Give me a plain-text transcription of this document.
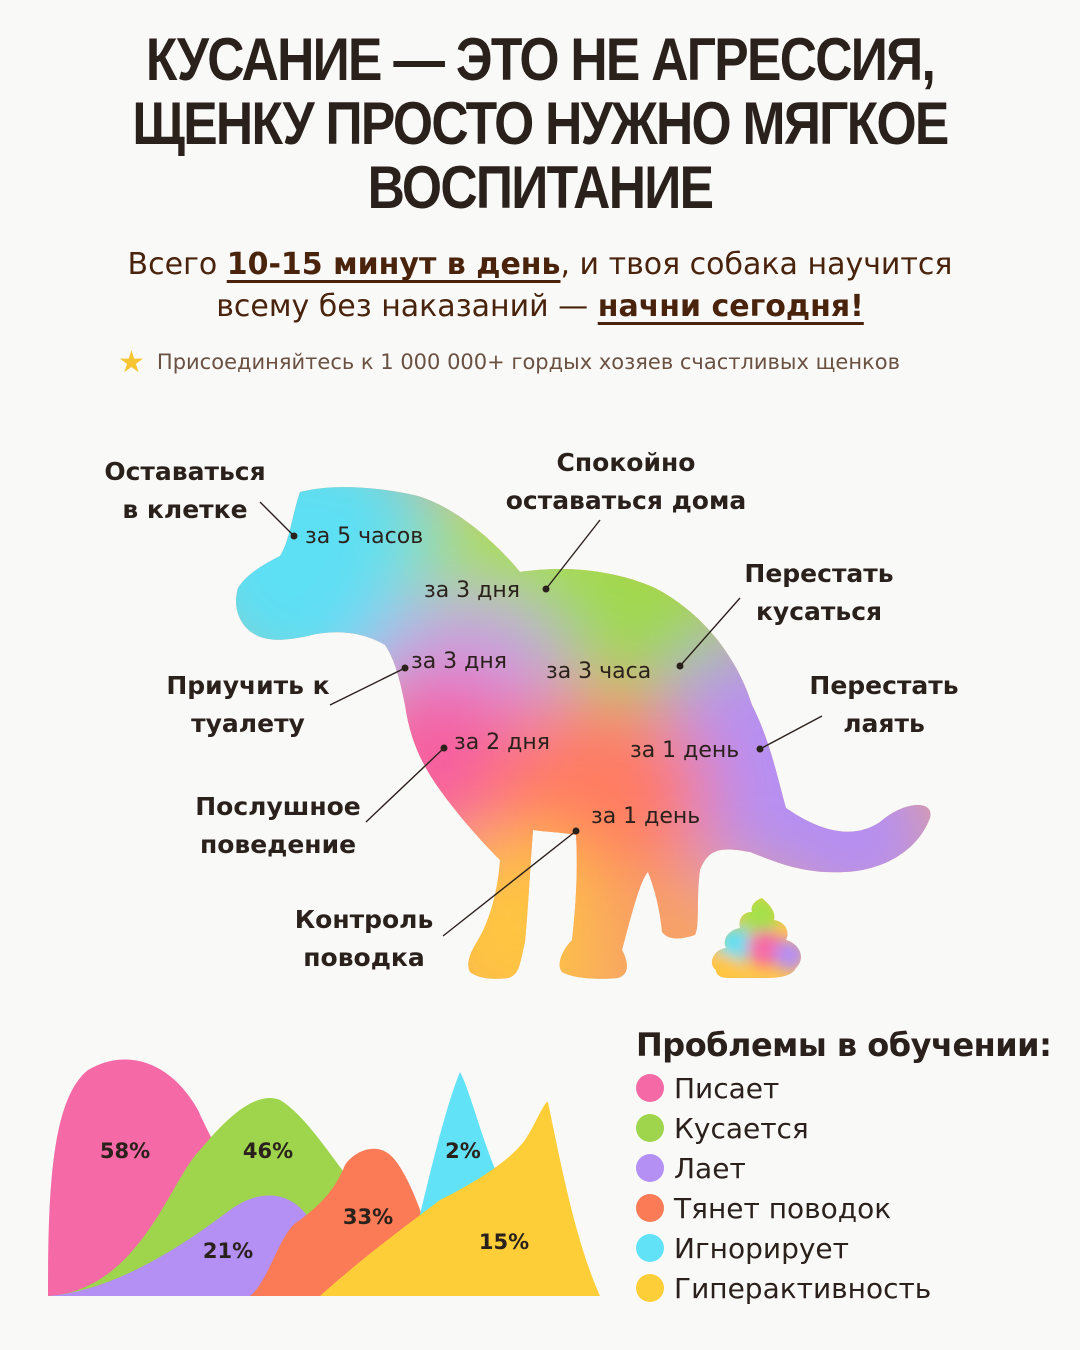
КУСАНИЕ — ЭТО НЕ АГРЕССИЯ,
ЩЕНКУ ПРОСТО НУЖНО МЯГКОЕ
ВОСПИТАНИЕ
Всего 10-15 минут в день, и твоя собака научится
всему без наказаний — начни сегодня!
★ Присоединяйтесь к 1 000 000+ гордых хозяев счастливых щенков
Оставаться
в клетке
за 5 часов
Спокойно
оставаться дома
за 3 дня
Перестать
кусаться
за 3 часа
Приучить к
туалету
за 3 дня
Перестать
лаять
за 1 день
Послушное
поведение
за 2 дня
Контроль
поводка
за 1 день
58%	46%
21%
33%
2%
15%
Проблемы в обучении:
Писает
Кусается
Лает
Тянет поводок
Игнорирует
Гиперактивность
